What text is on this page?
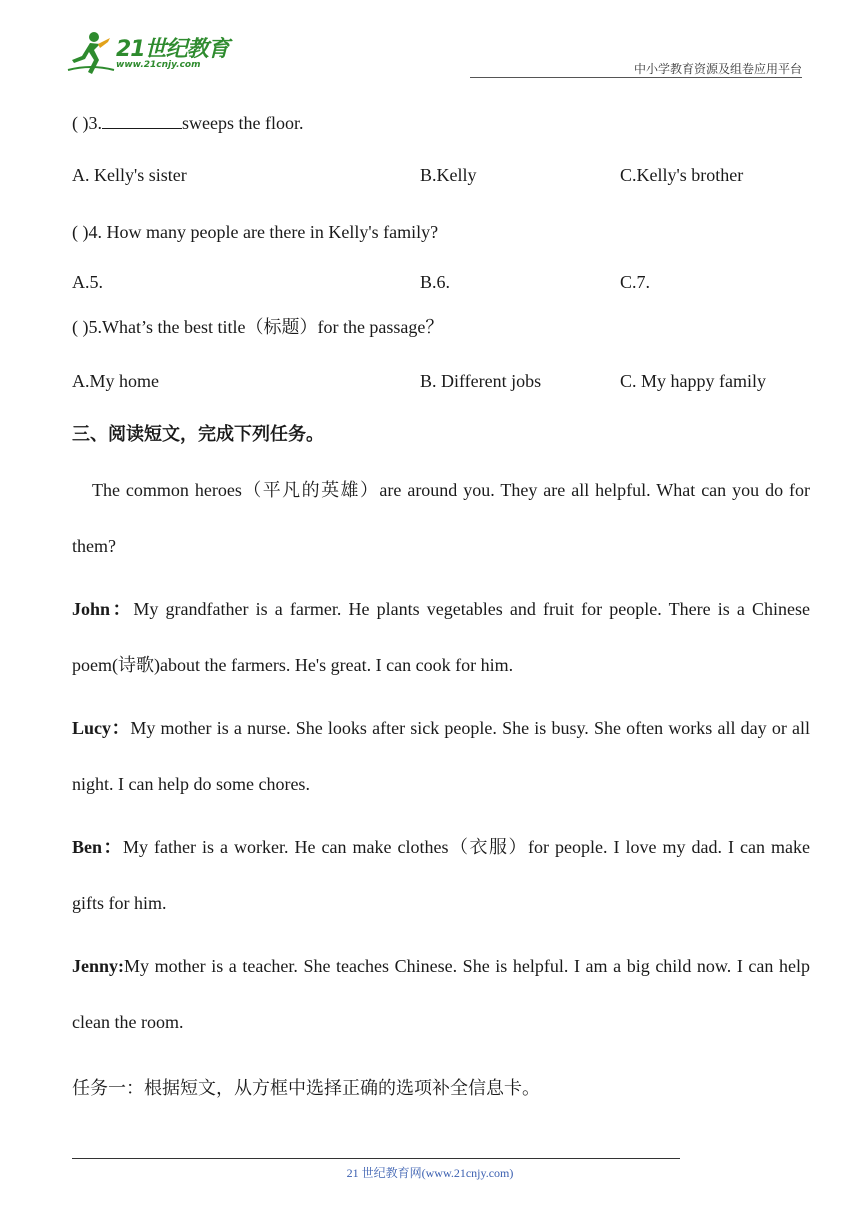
21世纪教育
www.21cnjy.com	中小学教育资源及组卷应用平台
( )3.	sweeps the floor.
A. Kelly's sister	B.Kelly	C.Kelly's brother
( )4. How many people are there in Kelly's family?
A.5.	B.6.	C.7.
( )5.What’s the best title（标题）for the passage？
A.My home	B. Different jobs	C. My happy family
三、阅读短文，完成下列任务。
The common heroes（平凡的英雄）are around you. They are all helpful. What can you do for them?
John：My grandfather is a farmer. He plants vegetables and fruit for people. There is a Chinese poem(诗歌)about the farmers. He's great. I can cook for him.
Lucy：My mother is a nurse. She looks after sick people. She is busy. She often works all day or all night. I can help do some chores.
Ben：My father is a worker. He can make clothes（衣服）for people. I love my dad. I can make gifts for him.
Jenny:My mother is a teacher. She teaches Chinese. She is helpful. I am a big child now. I can help clean the room.
任务一：根据短文，从方框中选择正确的选项补全信息卡。
21 世纪教育网(www.21cnjy.com)
